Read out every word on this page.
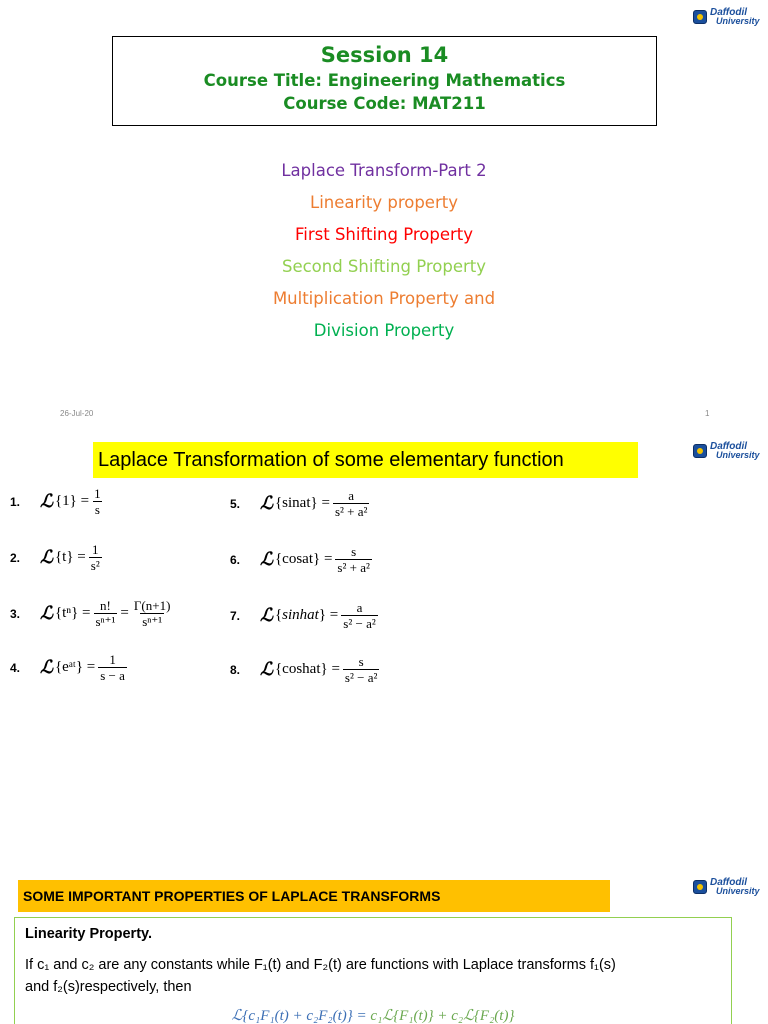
Daffodil
University
Session 14
Course Title: Engineering Mathematics
Course Code: MAT211
Laplace Transform-Part 2
Linearity property
First Shifting Property
Second Shifting Property
Multiplication Property and
Division Property
26-Jul-20	1
Daffodil
University
Laplace Transformation of some elementary function
1.	ℒ { 1 } = $\frac{1}{s}$
2.	ℒ { t } = $\frac{1}{\text{s²}}$
3.	ℒ { tⁿ } = $\frac{n!}{\text{sⁿ⁺¹}} = \frac{\Gamma(n+1)}{\text{sⁿ⁺¹}}$
4.	ℒ { eᵃᵗ } = $\frac{1}{s - a}$
5.	ℒ { sinat } = $\frac{a}{\text{s² + a²}}$
6.	ℒ { cosat } = $\frac{s}{\text{s² + a²}}$
7.	ℒ { sinhat } = $\frac{a}{\text{s² − a²}}$
8.	ℒ { coshat } = $\frac{s}{\text{s² − a²}}$
Daffodil
University
SOME IMPORTANT PROPERTIES OF LAPLACE TRANSFORMS
Linearity Property.
If c₁ and c₂ are any constants while F₁(t) and F₂(t) are functions with Laplace transforms f₁(s)
and f₂(s)respectively, then
ℒ{c₁F₁(t) + c₂F₂(t)} = c₁ℒ{F₁(t)} + c₂ℒ{F₂(t)}
